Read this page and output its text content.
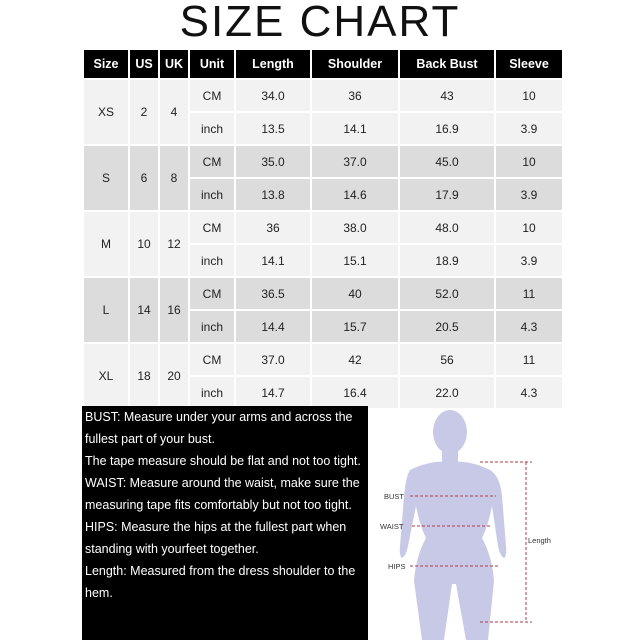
SIZE CHART
Size	US	UK	Unit	Length	Shoulder	Back Bust	Sleeve
XS	2	4	CM	34.0	36	43	10
			inch	13.5	14.1	16.9	3.9
S	6	8	CM	35.0	37.0	45.0	10
			inch	13.8	14.6	17.9	3.9
M	10	12	CM	36	38.0	48.0	10
			inch	14.1	15.1	18.9	3.9
L	14	16	CM	36.5	40	52.0	11
			inch	14.4	15.7	20.5	4.3
XL	18	20	CM	37.0	42	56	11
			inch	14.7	16.4	22.0	4.3

BUST: Measure under your arms and across the fullest part of your bust.

The tape measure should be flat and not too tight.

WAIST: Measure around the waist, make sure the measuring tape fits comfortably but not too tight.

HIPS: Measure the hips at the fullest part when standing with yourfeet together.

Length: Measured from the dress shoulder to the hem.

BUST
WAIST
HIPS
Length
